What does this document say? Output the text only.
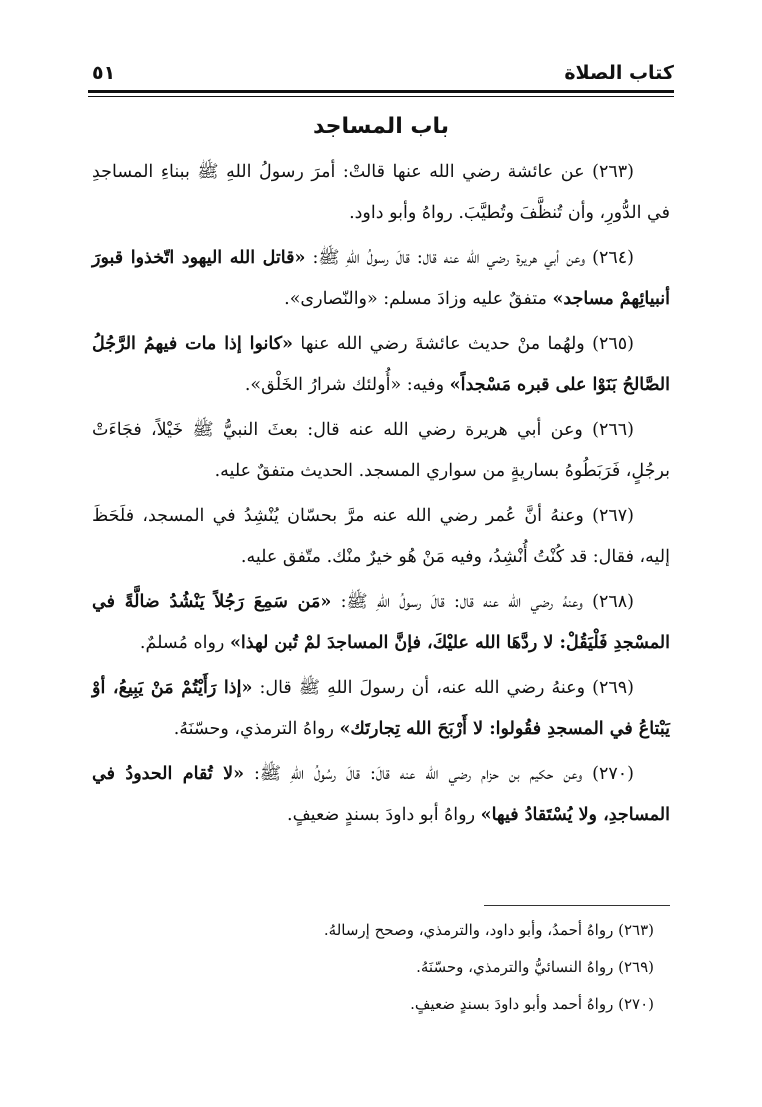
كتاب الصلاة
٥١
باب المساجد

(٢٦٣) عن عائشة رضي الله عنها قالتْ: أمرَ رسولُ اللهِ ﷺ ببناءِ المساجدِ في الدُّورِ، وأن تُنظَّفَ وتُطيَّبَ. رواهُ وأبو داود.

(٢٦٤) وعن أبي هريرة رضي الله عنه قال: قالَ رسولُ اللهِ ﷺ: «قاتل الله اليهود اتّخذوا قبورَ أنبيائِهمْ مساجد» متفقٌ عليه وزادَ مسلم: «والنّصارى».

(٢٦٥) ولهُما منْ حديث عائشةَ رضي الله عنها «كانوا إذا مات فيهمُ الرَّجُلُ الصَّالحُ بَنَوْا على قبره مَسْجداً» وفيه: «أُولئك شرارُ الخَلْق».

(٢٦٦) وعن أبي هريرة رضي الله عنه قال: بعثَ النبيُّ ﷺ خَيْلاً، فجَاءَتْ برجُلٍ، فَرَبَطُوهُ بساريةٍ من سواري المسجد. الحديث متفقٌ عليه.

(٢٦٧) وعنهُ أنَّ عُمر رضي الله عنه مرَّ بحسّان يُنْشِدُ في المسجد، فلَحَظَ إليه، فقال: قد كُنْتُ أُنْشِدُ، وفيه مَنْ هُو خيرٌ منْك. متّفق عليه.

(٢٦٨) وعنهُ رضي الله عنه قال: قالَ رسولُ اللهِ ﷺ: «مَن سَمِعَ رَجُلاً يَنْشُدُ ضالَّةً في المسْجدِ فَلْيَقُلْ: لا ردَّهَا الله عليْكَ، فإنَّ المساجدَ لمْ تُبن لهذا» رواه مُسلمٌ.

(٢٦٩) وعنهُ رضي الله عنه، أن رسولَ اللهِ ﷺ قال: «إذا رَأَيْتُمْ مَنْ يَبِيعُ، أوْ يَبْتاعُ في المسجدِ فقُولوا: لا أَرْبَحَ الله تِجارتَك» رواهُ الترمذي، وحسّنَهُ.

(٢٧٠) وعن حكيم بن حزام رضي الله عنه قالَ: قالَ رسُولُ اللهِ ﷺ: «لا تُقام الحدودُ في المساجدِ، ولا يُسْتَقادُ فيها» رواهُ أبو داودَ بسندٍ ضعيفٍ.

(٢٦٣) رواهُ أحمدُ، وأبو داود، والترمذي، وصحح إرسالهُ.

(٢٦٩) رواهُ النسائيُّ والترمذي، وحسّنَهُ.

(٢٧٠) رواهُ أحمد وأبو داودَ بسندٍ ضعيفٍ.
